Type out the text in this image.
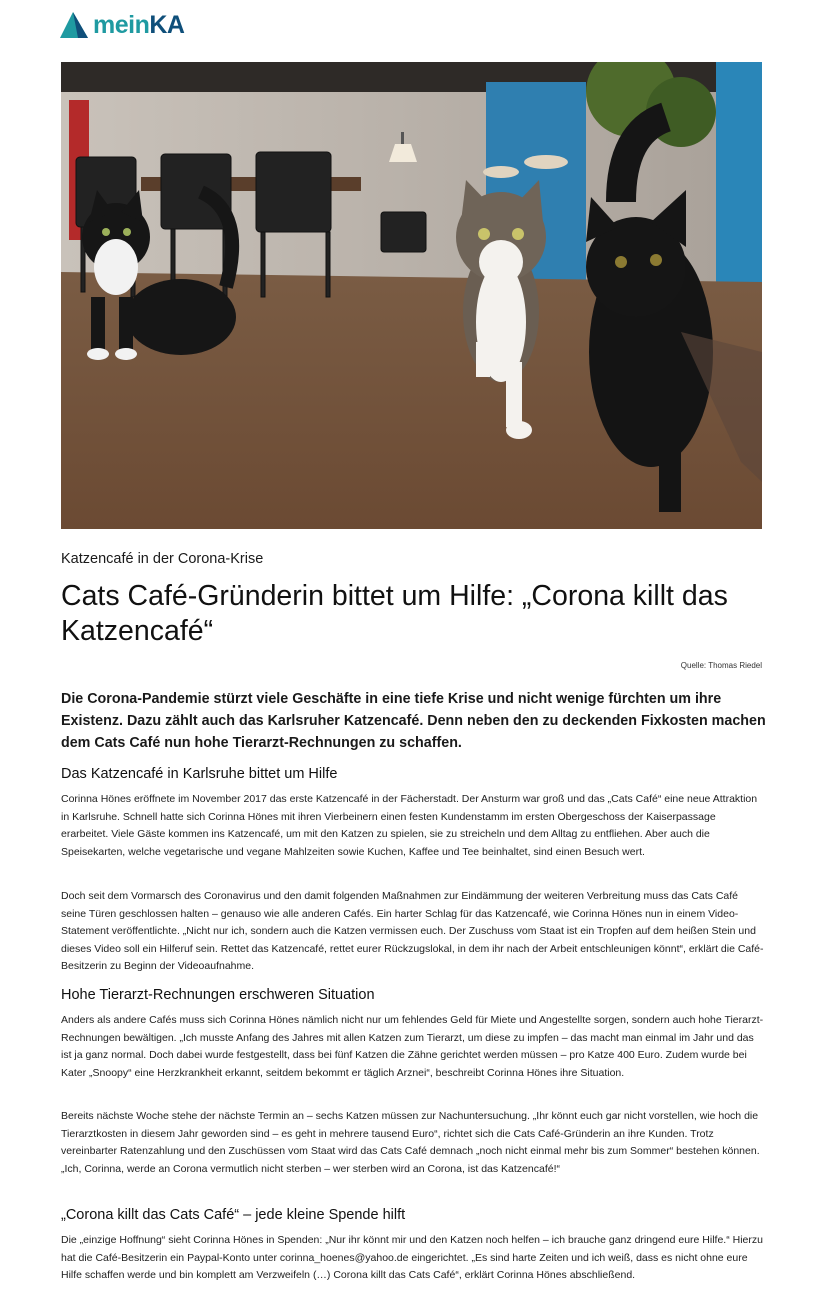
meinKA
Katzencafé in der Corona-Krise
Cats Café-Gründerin bittet um Hilfe: „Corona killt das Katzencafé“
Quelle: Thomas Riedel

Die Corona-Pandemie stürzt viele Geschäfte in eine tiefe Krise und nicht wenige fürchten um ihre Existenz. Dazu zählt auch das Karlsruher Katzencafé. Denn neben den zu deckenden Fixkosten machen dem Cats Café nun hohe Tierarzt-Rechnungen zu schaffen.

Das Katzencafé in Karlsruhe bittet um Hilfe

Corinna Hönes eröffnete im November 2017 das erste Katzencafé in der Fächerstadt. Der Ansturm war groß und das „Cats Café“ eine neue Attraktion in Karlsruhe. Schnell hatte sich Corinna Hönes mit ihren Vierbeinern einen festen Kundenstamm im ersten Obergeschoss der Kaiserpassage erarbeitet. Viele Gäste kommen ins Katzencafé, um mit den Katzen zu spielen, sie zu streicheln und dem Alltag zu entfliehen. Aber auch die Speisekarten, welche vegetarische und vegane Mahlzeiten sowie Kuchen, Kaffee und Tee beinhaltet, sind einen Besuch wert.

Doch seit dem Vormarsch des Coronavirus und den damit folgenden Maßnahmen zur Eindämmung der weiteren Verbreitung muss das Cats Café seine Türen geschlossen halten – genauso wie alle anderen Cafés. Ein harter Schlag für das Katzencafé, wie Corinna Hönes nun in einem Video-Statement veröffentlichte. „Nicht nur ich, sondern auch die Katzen vermissen euch. Der Zuschuss vom Staat ist ein Tropfen auf dem heißen Stein und dieses Video soll ein Hilferuf sein. Rettet das Katzencafé, rettet eurer Rückzugslokal, in dem ihr nach der Arbeit entschleunigen könnt“, erklärt die Café-Besitzerin zu Beginn der Videoaufnahme.

Hohe Tierarzt-Rechnungen erschweren Situation

Anders als andere Cafés muss sich Corinna Hönes nämlich nicht nur um fehlendes Geld für Miete und Angestellte sorgen, sondern auch hohe Tierarzt-Rechnungen bewältigen. „Ich musste Anfang des Jahres mit allen Katzen zum Tierarzt, um diese zu impfen – das macht man einmal im Jahr und das ist ja ganz normal. Doch dabei wurde festgestellt, dass bei fünf Katzen die Zähne gerichtet werden müssen – pro Katze 400 Euro. Zudem wurde bei Kater „Snoopy“ eine Herzkrankheit erkannt, seitdem bekommt er täglich Arznei“, beschreibt Corinna Hönes ihre Situation.

Bereits nächste Woche stehe der nächste Termin an – sechs Katzen müssen zur Nachuntersuchung. „Ihr könnt euch gar nicht vorstellen, wie hoch die Tierarztkosten in diesem Jahr geworden sind – es geht in mehrere tausend Euro“, richtet sich die Cats Café-Gründerin an ihre Kunden. Trotz vereinbarter Ratenzahlung und den Zuschüssen vom Staat wird das Cats Café demnach „noch nicht einmal mehr bis zum Sommer“ bestehen können. „Ich, Corinna, werde an Corona vermutlich nicht sterben – wer sterben wird an Corona, ist das Katzencafé!“

„Corona killt das Cats Café“ – jede kleine Spende hilft

Die „einzige Hoffnung“ sieht Corinna Hönes in Spenden: „Nur ihr könnt mir und den Katzen noch helfen – ich brauche ganz dringend eure Hilfe.“ Hierzu hat die Café-Besitzerin ein Paypal-Konto unter corinna_hoenes@yahoo.de eingerichtet. „Es sind harte Zeiten und ich weiß, dass es nicht ohne eure Hilfe schaffen werde und bin komplett am Verzweifeln (…) Corona killt das Cats Café“, erklärt Corinna Hönes abschließend.
